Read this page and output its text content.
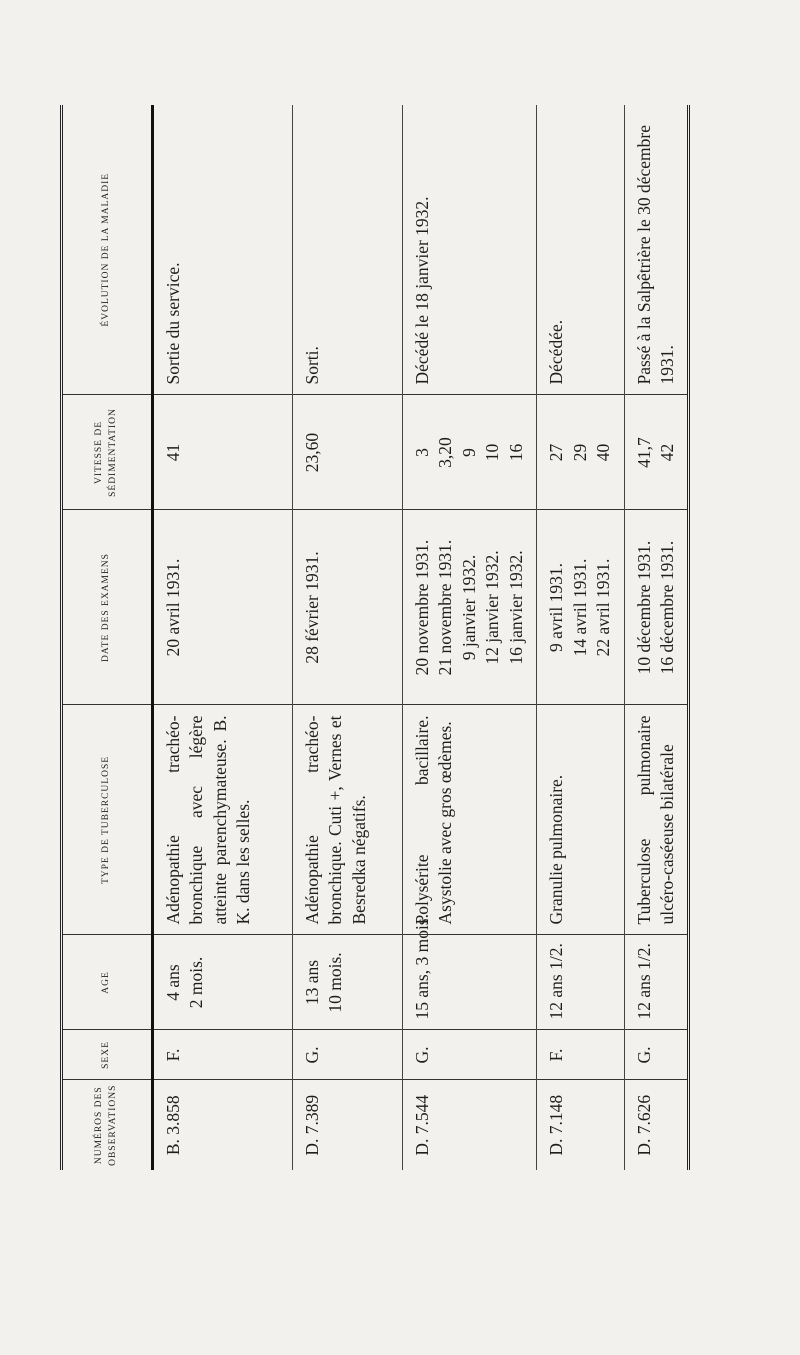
NUMÉROS DES OBSERVATIONS	SEXE	AGE	TYPE DE TUBERCULOSE	DATE DES EXAMENS	VITESSE DE SÉDIMENTATION	ÉVOLUTION DE LA MALADIE
B. 3.858	F.	4 ans 2 mois.	Adénopathie trachéo-bronchique avec légère atteinte parenchymateuse. B. K. dans les selles.	20 avril 1931.	41	Sortie du service.
D. 7.389	G.	13 ans 10 mois.	Adénopathie trachéo-bronchique. Cuti +, Vernes et Besredka négatifs.	28 février 1931.	23,60	Sorti.
D. 7.544	G.	15 ans, 3 mois.	Polysérite bacillaire. Asystolie avec gros œdèmes.	20 novembre 1931. 21 novembre 1931. 9 janvier 1932. 12 janvier 1932. 16 janvier 1932.	3 3,20 9 10 16	Décédé le 18 janvier 1932.
D. 7.148	F.	12 ans 1/2.	Granulie pulmonaire.	9 avril 1931. 14 avril 1931. 22 avril 1931.	27 29 40	Décédée.
D. 7.626	G.	12 ans 1/2.	Tuberculose pulmonaire ulcéro-caséeuse bilatérale	10 décembre 1931. 16 décembre 1931.	41,7 42	Passé à la Salpêtrière le 30 décembre 1931.
